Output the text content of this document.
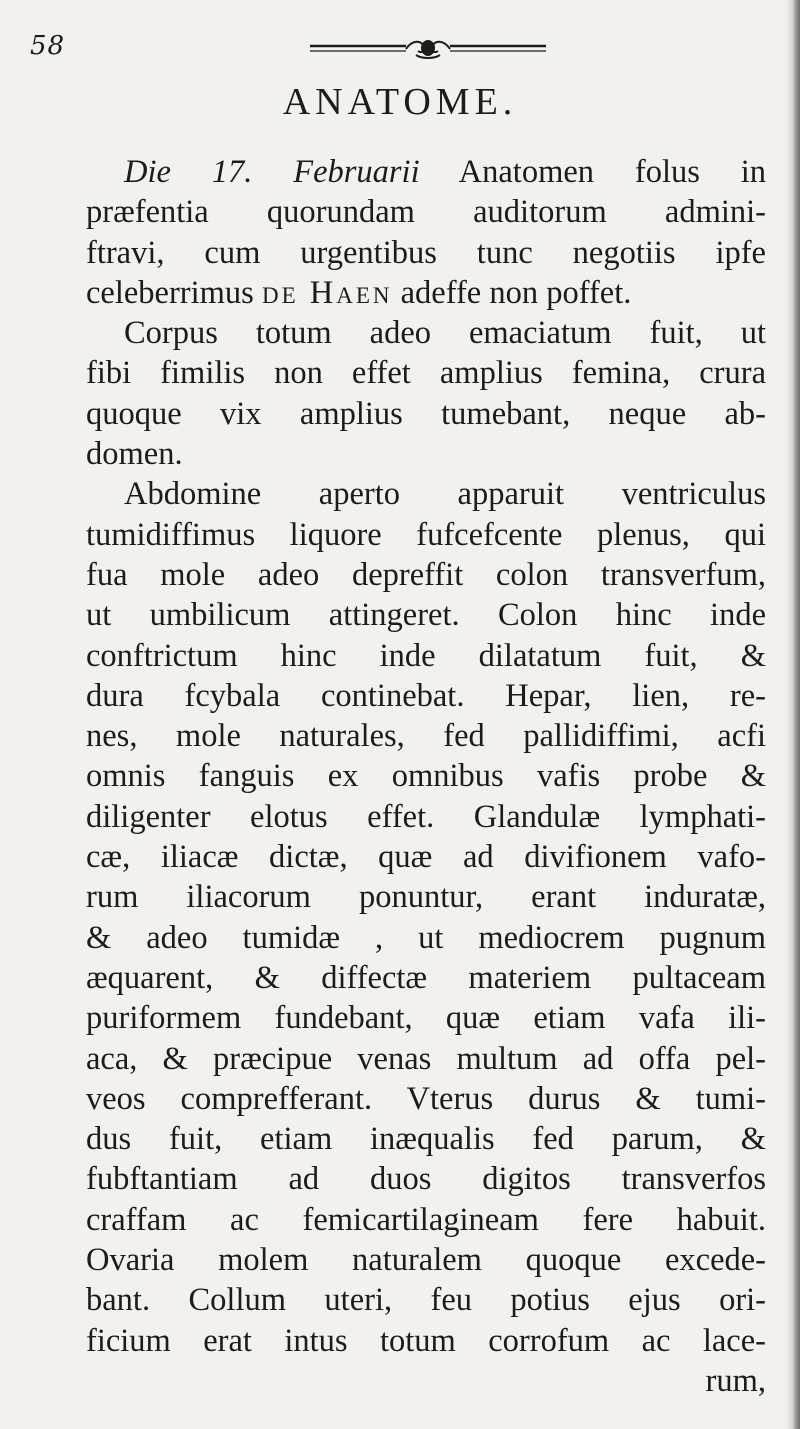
58
ANATOME.
Die 17. Februarii Anatomen folus in
præfentia quorundam auditorum admini-
ftravi, cum urgentibus tunc negotiis ipfe
celeberrimus de Haen adeffe non poffet.
Corpus totum adeo emaciatum fuit, ut
fibi fimilis non effet amplius femina, crura
quoque vix amplius tumebant, neque ab-
domen.
Abdomine aperto apparuit ventriculus
tumidiffimus liquore fufcefcente plenus, qui
fua mole adeo depreffit colon transverfum,
ut umbilicum attingeret. Colon hinc inde
conftrictum hinc inde dilatatum fuit, &
dura fcybala continebat. Hepar, lien, re-
nes, mole naturales, fed pallidiffimi, acfi
omnis fanguis ex omnibus vafis probe &
diligenter elotus effet. Glandulæ lymphati-
cæ, iliacæ dictæ, quæ ad divifionem vafo-
rum iliacorum ponuntur, erant induratæ,
& adeo tumidæ , ut mediocrem pugnum
æquarent, & diffectæ materiem pultaceam
puriformem fundebant, quæ etiam vafa ili-
aca, & præcipue venas multum ad offa pel-
veos comprefferant. Vterus durus & tumi-
dus fuit, etiam inæqualis fed parum, &
fubftantiam ad duos digitos transverfos
craffam ac femicartilagineam fere habuit.
Ovaria molem naturalem quoque excede-
bant. Collum uteri, feu potius ejus ori-
ficium erat intus totum corrofum ac lace-
rum,
